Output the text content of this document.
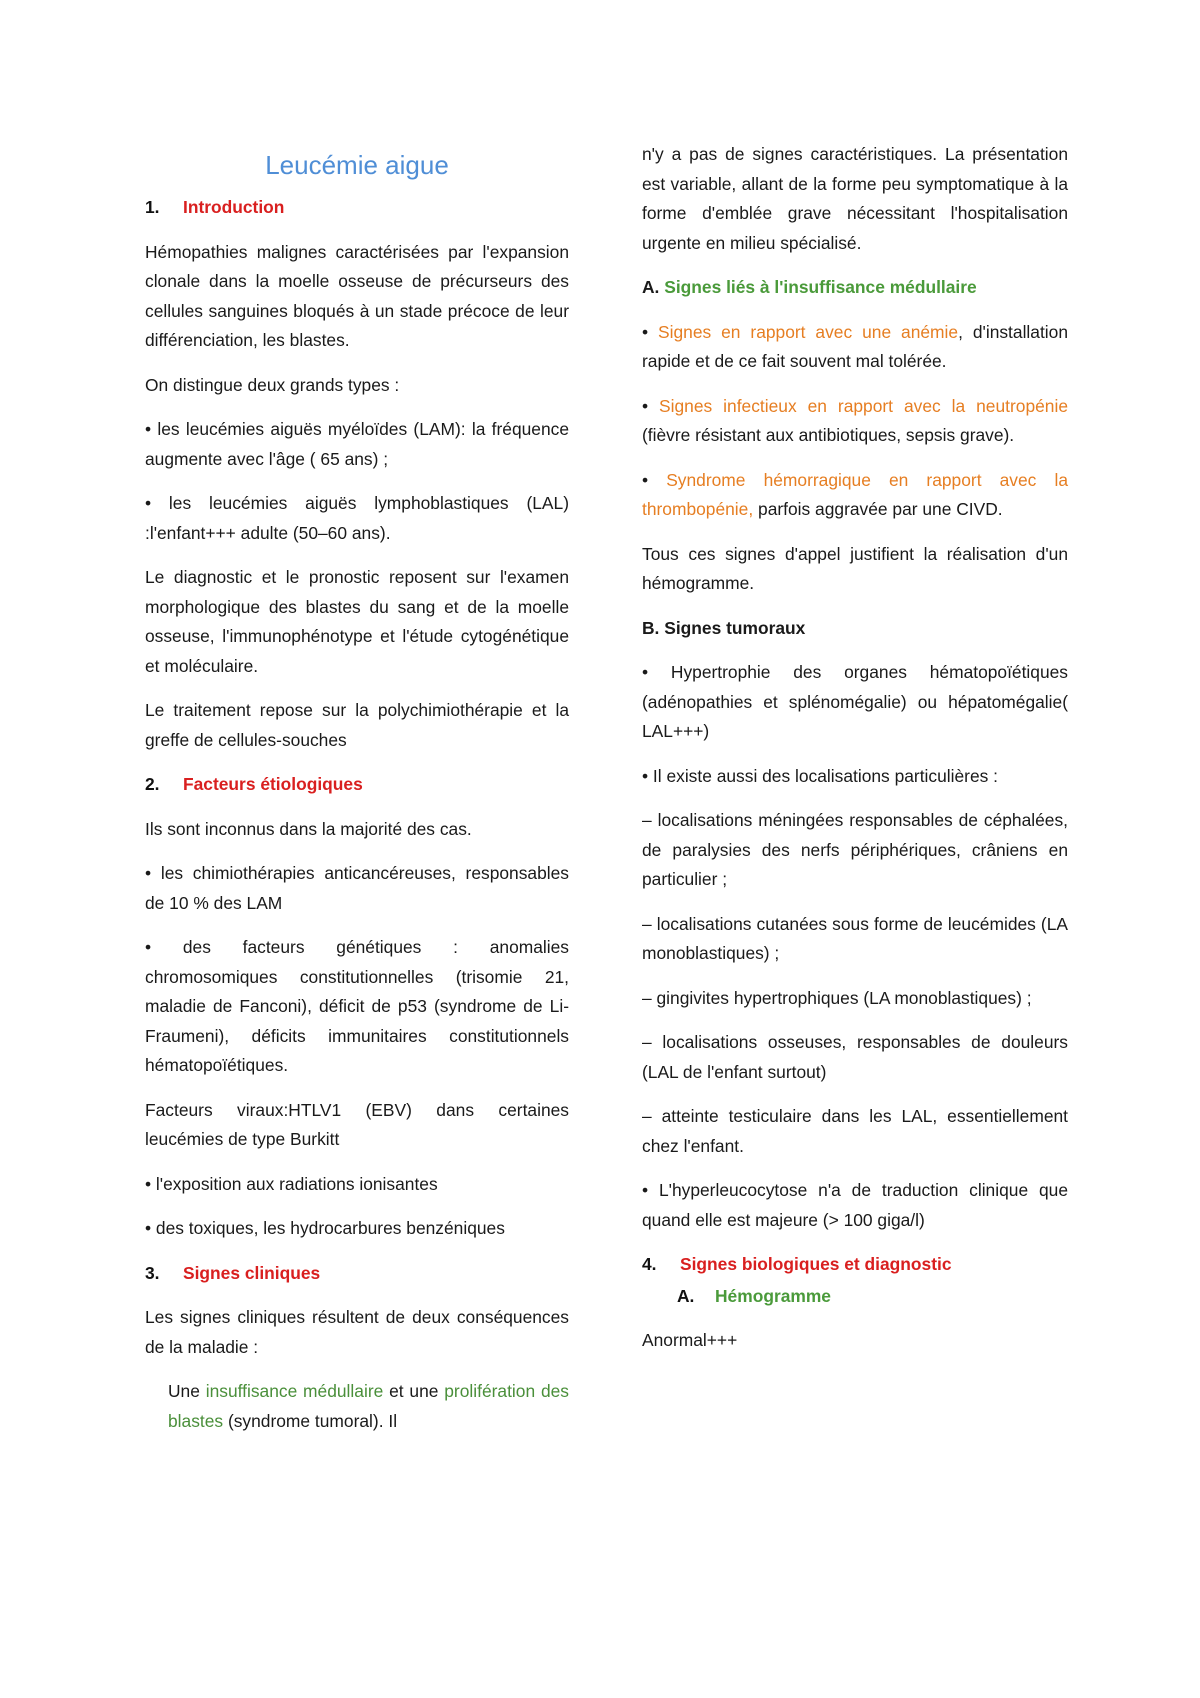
Leucémie aigue
1. Introduction

Hémopathies malignes caractérisées par l'expansion clonale dans la moelle osseuse de précurseurs des cellules sanguines bloqués à un stade précoce de leur différenciation, les blastes.

On distingue deux grands types :

• les leucémies aiguës myéloïdes (LAM): la fréquence augmente avec l'âge ( 65 ans) ;

• les leucémies aiguës lymphoblastiques (LAL) :l'enfant+++ adulte (50–60 ans).

Le diagnostic et le pronostic reposent sur l'examen morphologique des blastes du sang et de la moelle osseuse, l'immunophénotype et l'étude cytogénétique et moléculaire.

Le traitement repose sur la polychimiothérapie et la greffe de cellules-souches

2. Facteurs étiologiques

Ils sont inconnus dans la majorité des cas.

• les chimiothérapies anticancéreuses, responsables de 10 % des LAM

• des facteurs génétiques : anomalies chromosomiques constitutionnelles (trisomie 21, maladie de Fanconi), déficit de p53 (syndrome de Li-Fraumeni), déficits immunitaires constitutionnels hématopoïétiques.

Facteurs viraux:HTLV1 (EBV) dans certaines leucémies de type Burkitt

• l'exposition aux radiations ionisantes

• des toxiques, les hydrocarbures benzéniques

3. Signes cliniques

Les signes cliniques résultent de deux conséquences de la maladie :

Une insuffisance médullaire et une prolifération des blastes (syndrome tumoral). Il

n'y a pas de signes caractéristiques. La présentation est variable, allant de la forme peu symptomatique à la forme d'emblée grave nécessitant l'hospitalisation urgente en milieu spécialisé.

A. Signes liés à l'insuffisance médullaire

• Signes en rapport avec une anémie, d'installation rapide et de ce fait souvent mal tolérée.

• Signes infectieux en rapport avec la neutropénie (fièvre résistant aux antibiotiques, sepsis grave).

• Syndrome hémorragique en rapport avec la thrombopénie, parfois aggravée par une CIVD.

Tous ces signes d'appel justifient la réalisation d'un hémogramme.

B. Signes tumoraux

• Hypertrophie des organes hématopoïétiques (adénopathies et splénomégalie) ou hépatomégalie( LAL+++)

• Il existe aussi des localisations particulières :

– localisations méningées responsables de céphalées, de paralysies des nerfs périphériques, crâniens en particulier ;

– localisations cutanées sous forme de leucémides (LA monoblastiques) ;

– gingivites hypertrophiques (LA monoblastiques) ;

– localisations osseuses, responsables de douleurs (LAL de l'enfant surtout)

– atteinte testiculaire dans les LAL, essentiellement chez l'enfant.

• L'hyperleucocytose n'a de traduction clinique que quand elle est majeure (> 100 giga/l)

4. Signes biologiques et diagnostic
A. Hémogramme

Anormal+++
